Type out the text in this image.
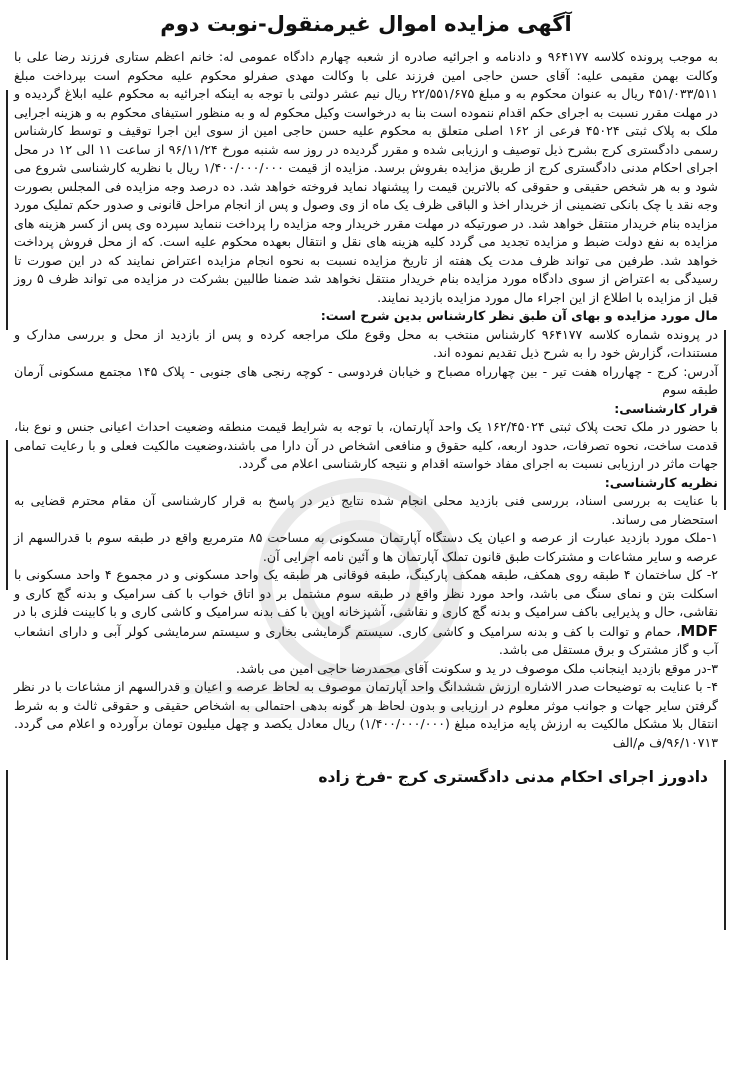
آگهی مزایده اموال غیرمنقول-نوبت دوم

به موجب پرونده کلاسه ۹۶۴۱۷۷ و دادنامه و اجرائیه صادره از شعبه چهارم دادگاه عمومی له: خانم اعظم ستاری فرزند رضا علی با وکالت بهمن مقیمی علیه: آقای حسن حاجی امین فرزند علی با وکالت مهدی صفرلو محکوم علیه محکوم است بپرداخت مبلغ ۴۵۱/۰۳۳/۵۱۱ ریال به عنوان محکوم به و مبلغ ۲۲/۵۵۱/۶۷۵ ریال نیم عشر دولتی با توجه به اینکه اجرائیه به محکوم علیه ابلاغ گردیده و در مهلت مقرر نسبت به اجرای حکم اقدام ننموده است بنا به درخواست وکیل محکوم له و به منظور استیفای محکوم به و هزینه اجرایی ملک به پلاک ثبتی ۴۵۰۲۴ فرعی از ۱۶۲ اصلی متعلق به محکوم علیه حسن حاجی امین از سوی این اجرا توقیف و توسط کارشناس رسمی دادگستری کرج بشرح ذیل توصیف و ارزیابی شده و مقرر گردیده در روز سه شنبه مورخ ۹۶/۱۱/۲۴ از ساعت ۱۱ الی ۱۲ در محل اجرای احکام مدنی دادگستری کرج از طریق مزایده بفروش برسد. مزایده از قیمت ۱/۴۰۰/۰۰۰/۰۰۰ ریال با نظریه کارشناسی شروع می شود و به هر شخص حقیقی و حقوقی که بالاترین قیمت را پیشنهاد نماید فروخته خواهد شد. ده درصد وجه مزایده فی المجلس بصورت وجه نقد یا چک بانکی تضمینی از خریدار اخذ و الباقی ظرف یک ماه از وی وصول و پس از انجام مراحل قانونی و صدور حکم تملیک مورد مزایده بنام خریدار منتقل خواهد شد. در صورتیکه در مهلت مقرر خریدار وجه مزایده را پرداخت ننماید سپرده وی پس از کسر هزینه های مزایده به نفع دولت ضبط و مزایده تجدید می گردد کلیه هزینه های نقل و انتقال بعهده محکوم علیه است. که از محل فروش پرداخت خواهد شد. طرفین می تواند ظرف مدت یک هفته از تاریخ مزایده نسبت به نحوه انجام مزایده اعتراض نمایند که در این صورت تا رسیدگی به اعتراض از سوی دادگاه مورد مزایده بنام خریدار منتقل نخواهد شد ضمنا طالبین بشرکت در مزایده می تواند ظرف ۵ روز قبل از مزایده با اطلاع از این اجراء مال مورد مزایده بازدید نمایند.

مال مورد مزایده و بهای آن طبق نظر کارشناس بدین شرح است:

در پرونده شماره کلاسه ۹۶۴۱۷۷ کارشناس منتخب به محل وقوع ملک مراجعه کرده و پس از بازدید از محل و بررسی مدارک و مستندات، گزارش خود را به شرح ذیل تقدیم نموده اند.

آدرس: کرج - چهارراه هفت تیر - بین چهارراه مصباح و خیابان فردوسی - کوچه رنجی های جنوبی - پلاک ۱۴۵ مجتمع مسکونی آرمان طبقه سوم

قرار کارشناسی:

با حضور در ملک تحت پلاک ثبتی ۱۶۲/۴۵۰۲۴ یک واحد آپارتمان، با توجه به شرایط قیمت منطقه وضعیت احداث اعیانی جنس و نوع بنا، قدمت ساخت، نحوه تصرفات، حدود اربعه، کلیه حقوق و منافعی اشخاص در آن دارا می باشند،وضعیت مالکیت فعلی و با رعایت تمامی جهات ماثر در ارزیابی نسبت به اجرای مفاد خواسته اقدام و نتیجه کارشناسی اعلام می گردد.

نظریه کارشناسی:

با عنایت به بررسی اسناد، بررسی فنی بازدید محلی انجام شده نتایج ذیر در پاسخ به قرار کارشناسی آن مقام محترم قضایی به استحضار می رساند.

۱-ملک مورد بازدید عبارت از عرصه و اعیان یک دستگاه آپارتمان مسکونی به مساحت ۸۵ مترمربع واقع در طبقه سوم با قدرالسهم از عرصه و سایر مشاعات و مشترکات طبق قانون تملک آپارتمان ها و آئین نامه اجرایی آن.

۲- کل ساختمان ۴ طبقه روی همکف، طبقه همکف پارکینگ، طبقه فوقانی هر طبقه یک واحد مسکونی و در مجموع ۴ واحد مسکونی با اسکلت بتن و نمای سنگ می باشد، واحد مورد نظر واقع در طبقه سوم مشتمل بر دو اتاق خواب با کف سرامیک و بدنه گچ کاری و نقاشی، حال و پذیرایی باکف سرامیک و بدنه گچ کاری و نقاشی، آشپزخانه اوپن با کف بدنه سرامیک و کاشی کاری و با کابینت فلزی با در MDF، حمام و توالت با کف و بدنه سرامیک و کاشی کاری. سیستم گرمایشی بخاری و سیستم سرمایشی کولر آبی و دارای انشعاب آب و گاز مشترک و برق مستقل می باشد.

۳-در موقع بازدید اینجانب ملک موصوف در ید و سکونت آقای محمدرضا حاجی امین می باشد.

۴- با عنایت به توضیحات صدر الاشاره ارزش ششدانگ واحد آپارتمان موصوف به لحاظ عرصه و اعیان و قدرالسهم از مشاعات با در نظر گرفتن سایر جهات و جوانب موثر معلوم در ارزیابی و بدون لحاظ هر گونه بدهی احتمالی به اشخاص حقیقی و حقوقی ثالث و به شرط انتقال بلا مشکل مالکیت به ارزش پایه مزایده مبلغ (۱/۴۰۰/۰۰۰/۰۰۰) ریال معادل یکصد و چهل میلیون تومان برآورده و اعلام می گردد. ۹۶/۱۰۷۱۳/ف م/الف

دادورز اجرای احکام مدنی دادگستری کرج -فرخ زاده
